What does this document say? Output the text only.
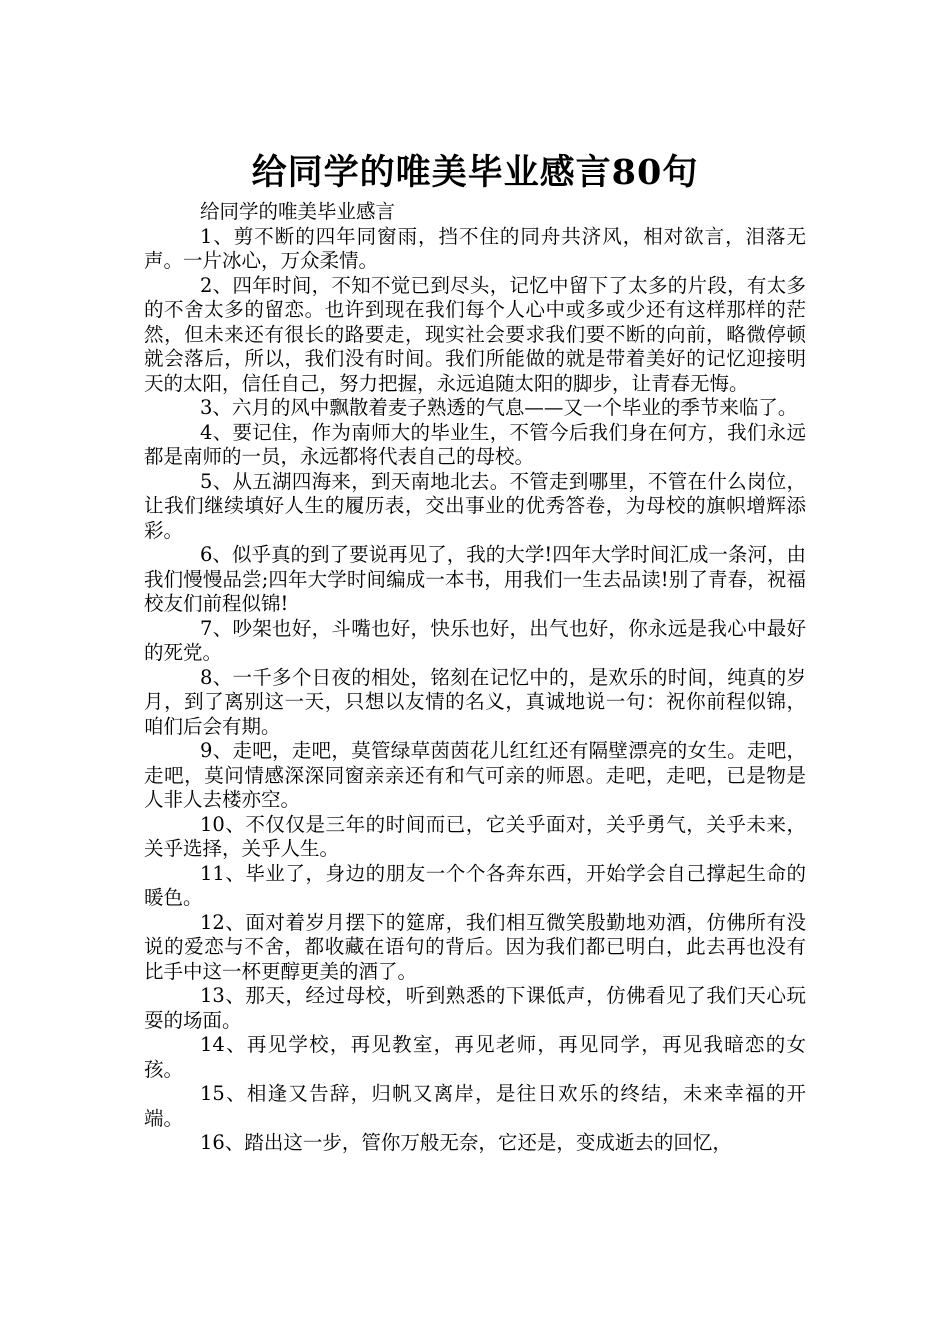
给同学的唯美毕业感言80句

给同学的唯美毕业感言

1、剪不断的四年同窗雨，挡不住的同舟共济风，相对欲言，泪落无声。一片冰心，万众柔情。

2、四年时间，不知不觉已到尽头，记忆中留下了太多的片段，有太多的不舍太多的留恋。也许到现在我们每个人心中或多或少还有这样那样的茫然，但未来还有很长的路要走，现实社会要求我们要不断的向前，略微停顿就会落后，所以，我们没有时间。我们所能做的就是带着美好的记忆迎接明天的太阳，信任自己，努力把握，永远追随太阳的脚步，让青春无悔。

3、六月的风中飘散着麦子熟透的气息——又一个毕业的季节来临了。

4、要记住，作为南师大的毕业生，不管今后我们身在何方，我们永远都是南师的一员，永远都将代表自己的母校。

5、从五湖四海来，到天南地北去。不管走到哪里，不管在什么岗位，让我们继续填好人生的履历表，交出事业的优秀答卷，为母校的旗帜增辉添彩。

6、似乎真的到了要说再见了，我的大学!四年大学时间汇成一条河，由我们慢慢品尝;四年大学时间编成一本书，用我们一生去品读!别了青春，祝福校友们前程似锦!

7、吵架也好，斗嘴也好，快乐也好，出气也好，你永远是我心中最好的死党。

8、一千多个日夜的相处，铭刻在记忆中的，是欢乐的时间，纯真的岁月，到了离别这一天，只想以友情的名义，真诚地说一句：祝你前程似锦，咱们后会有期。

9、走吧，走吧，莫管绿草茵茵花儿红红还有隔壁漂亮的女生。走吧，走吧，莫问情感深深同窗亲亲还有和气可亲的师恩。走吧，走吧，已是物是人非人去楼亦空。

10、不仅仅是三年的时间而已，它关乎面对，关乎勇气，关乎未来，关乎选择，关乎人生。

11、毕业了，身边的朋友一个个各奔东西，开始学会自己撑起生命的暖色。

12、面对着岁月摆下的筵席，我们相互微笑殷勤地劝酒，仿佛所有没说的爱恋与不舍，都收藏在语句的背后。因为我们都已明白，此去再也没有比手中这一杯更醇更美的酒了。

13、那天，经过母校，听到熟悉的下课低声，仿佛看见了我们天心玩耍的场面。

14、再见学校，再见教室，再见老师，再见同学，再见我暗恋的女孩。

15、相逢又告辞，归帆又离岸，是往日欢乐的终结，未来幸福的开端。

16、踏出这一步，管你万般无奈，它还是，变成逝去的回忆，
